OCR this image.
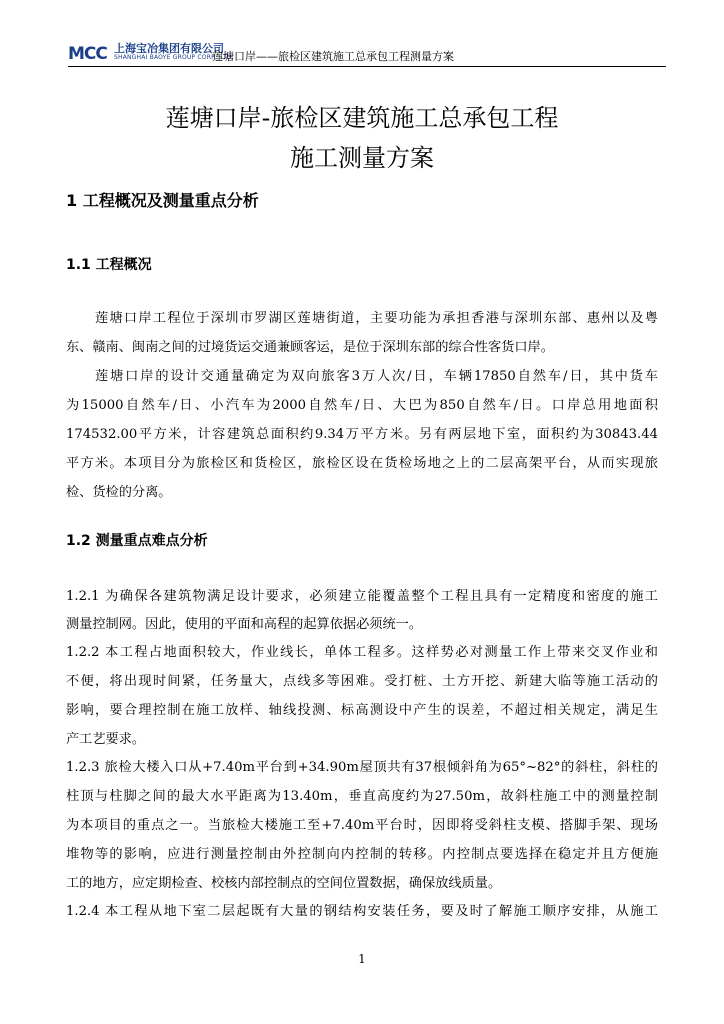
MCC 上海宝冶集团有限公司
SHANGHAI BAOYE GROUP CORP., LTD.
莲塘口岸——旅检区建筑施工总承包工程测量方案
莲塘口岸-旅检区建筑施工总承包工程
施工测量方案
1 工程概况及测量重点分析
1.1 工程概况
莲塘口岸工程位于深圳市罗湖区莲塘街道，主要功能为承担香港与深圳东部、惠州以及粤
东、赣南、闽南之间的过境货运交通兼顾客运，是位于深圳东部的综合性客货口岸。
莲塘口岸的设计交通量确定为双向旅客3万人次/日，车辆17850自然车/日，其中货车
为15000自然车/日、小汽车为2000自然车/日、大巴为850自然车/日。口岸总用地面积
174532.00平方米，计容建筑总面积约9.34万平方米。另有两层地下室，面积约为30843.44
平方米。本项目分为旅检区和货检区，旅检区设在货检场地之上的二层高架平台，从而实现旅
检、货检的分离。
1.2 测量重点难点分析
1.2.1 为确保各建筑物满足设计要求，必须建立能覆盖整个工程且具有一定精度和密度的施工
测量控制网。因此，使用的平面和高程的起算依据必须统一。
1.2.2 本工程占地面积较大，作业线长，单体工程多。这样势必对测量工作上带来交叉作业和
不便，将出现时间紧，任务量大，点线多等困难。受打桩、土方开挖、新建大临等施工活动的
影响，要合理控制在施工放样、轴线投测、标高测设中产生的误差，不超过相关规定，满足生
产工艺要求。
1.2.3 旅检大楼入口从+7.40m平台到+34.90m屋顶共有37根倾斜角为65°~82°的斜柱，斜柱的
柱顶与柱脚之间的最大水平距离为13.40m，垂直高度约为27.50m，故斜柱施工中的测量控制
为本项目的重点之一。当旅检大楼施工至+7.40m平台时，因即将受斜柱支模、搭脚手架、现场
堆物等的影响，应进行测量控制由外控制向内控制的转移。内控制点要选择在稳定并且方便施
工的地方，应定期检查、校核内部控制点的空间位置数据，确保放线质量。
1.2.4 本工程从地下室二层起既有大量的钢结构安装任务，要及时了解施工顺序安排，从施工
1
